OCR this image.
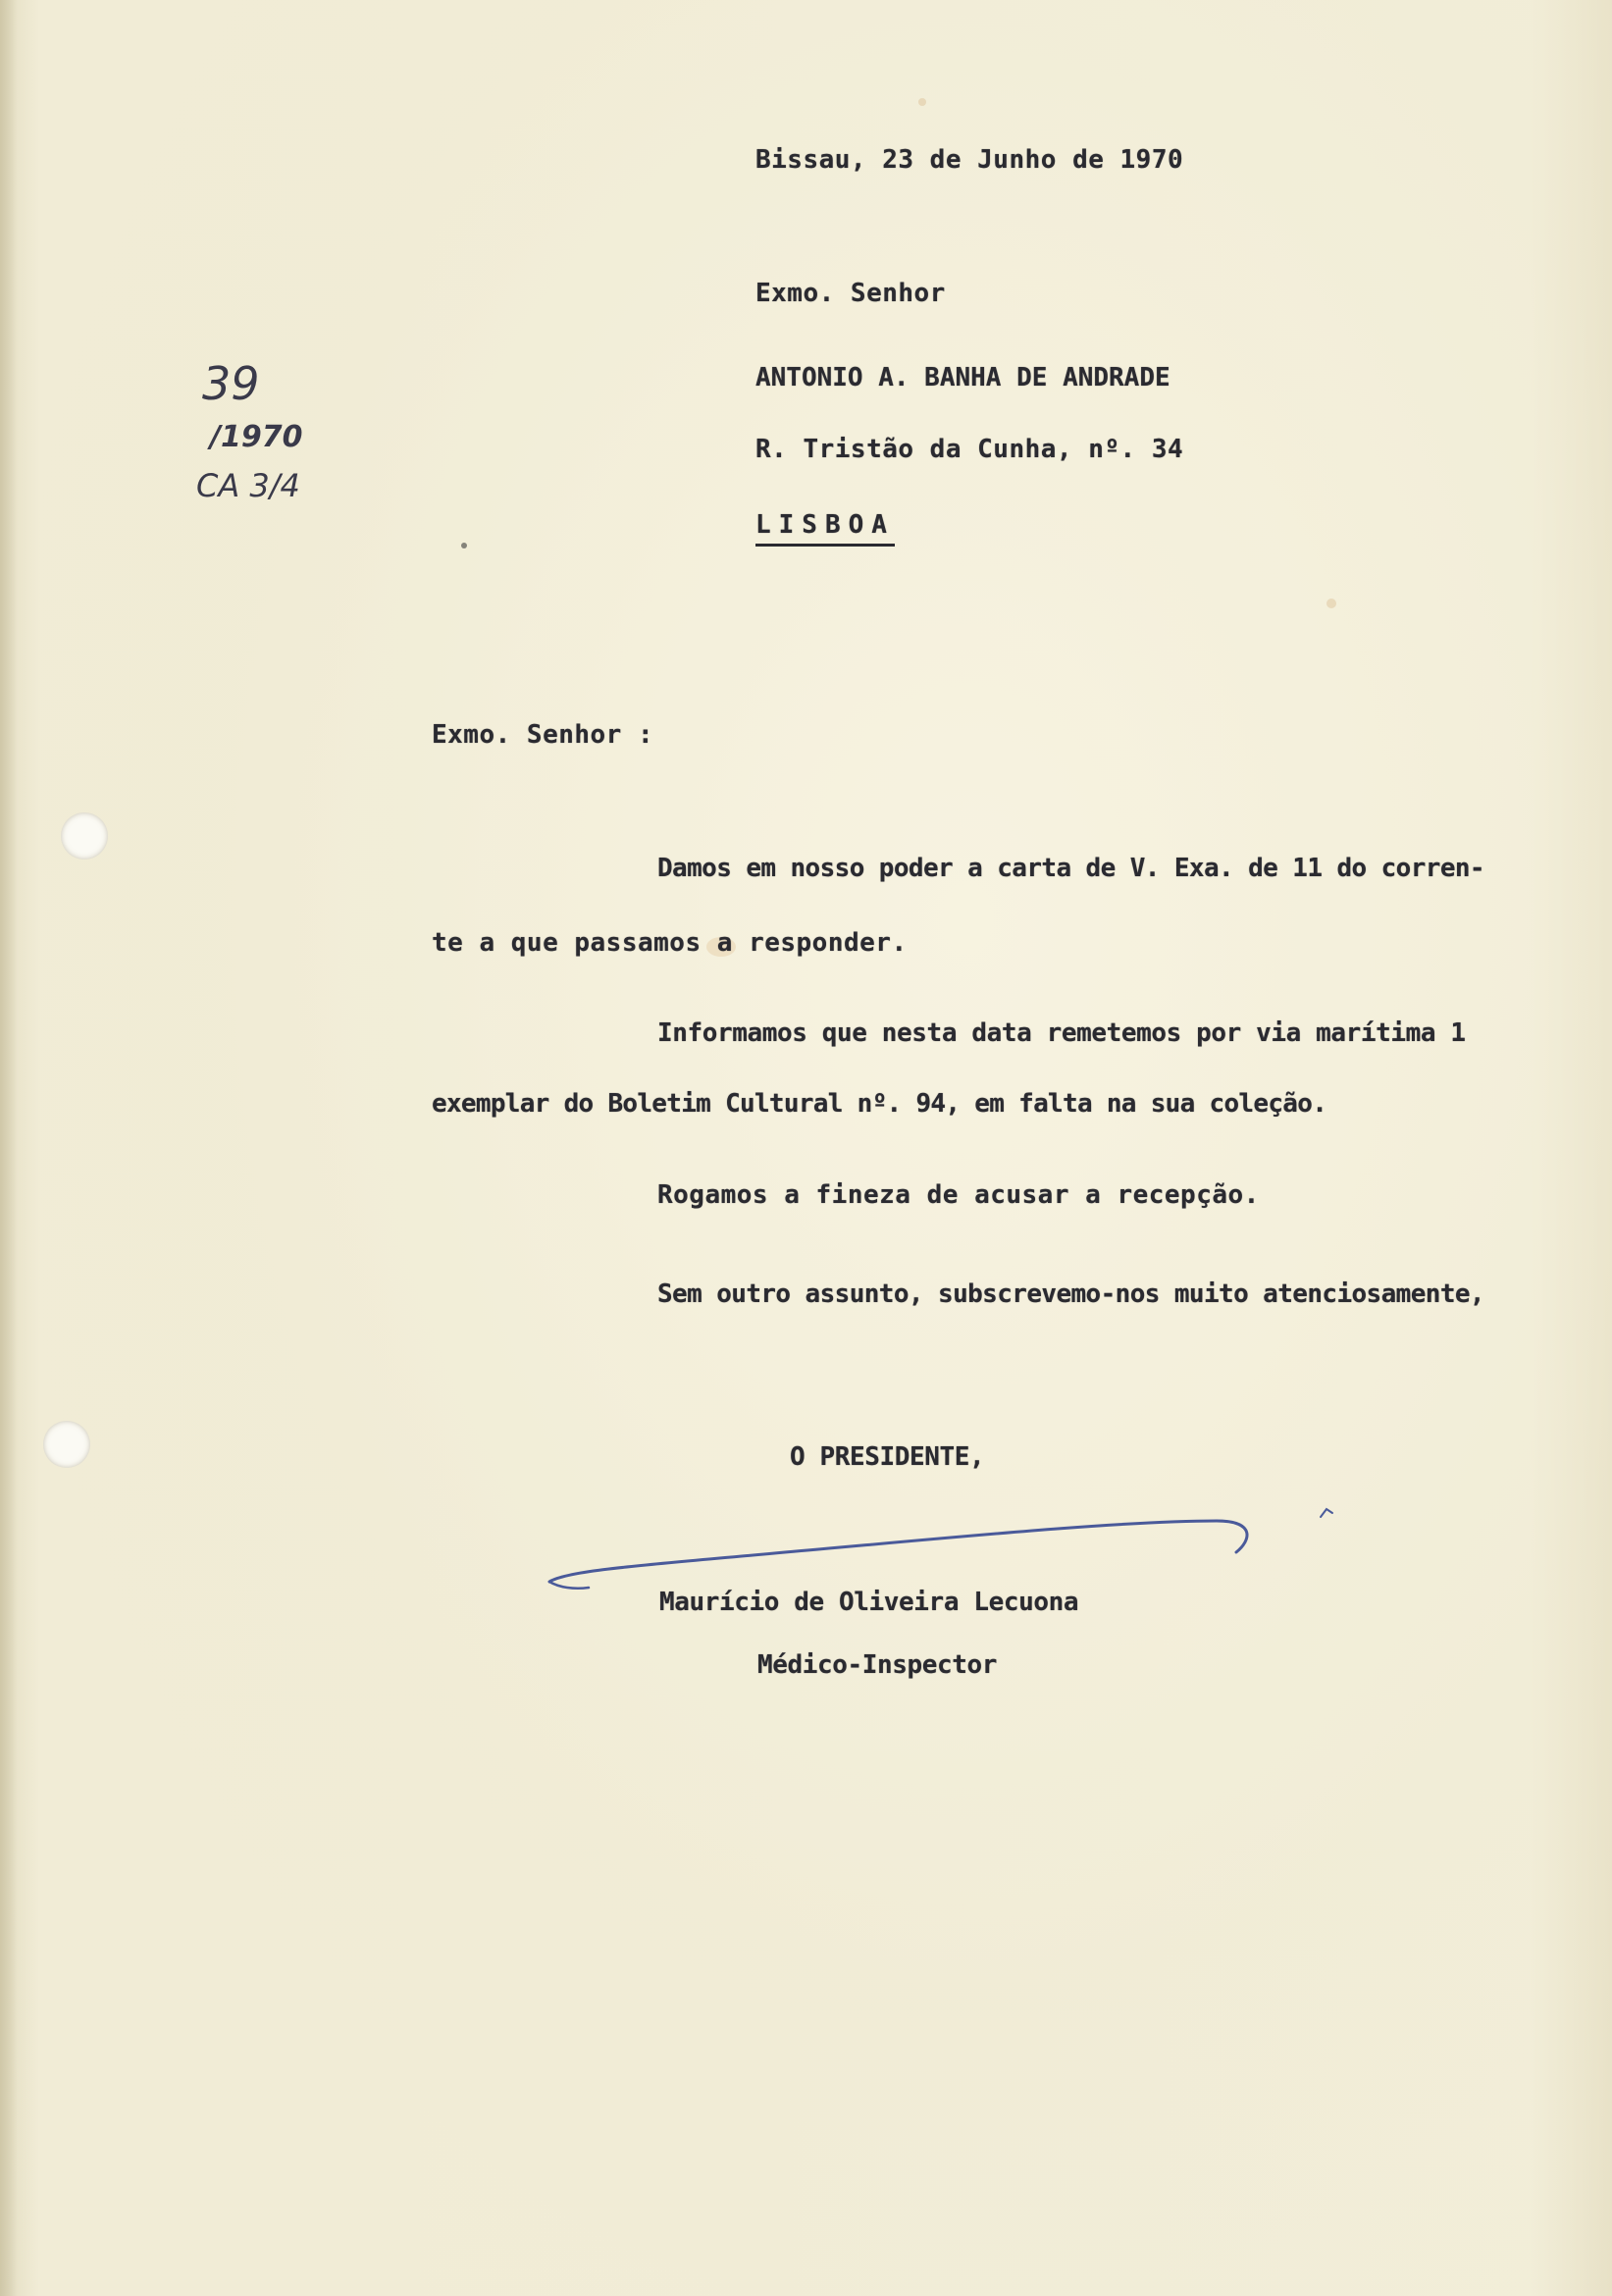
Bissau, 23 de Junho de 1970

Exmo. Senhor

ANTONIO A. BANHA DE ANDRADE

R. Tristão da Cunha, nº. 34

LISBOA

39
/1970
CA 3/4

Exmo. Senhor :

Damos em nosso poder a carta de V. Exa. de 11 do corren-

te a que passamos a responder.

Informamos que nesta data remetemos por via marítima 1

exemplar do Boletim Cultural nº. 94, em falta na sua coleção.

Rogamos a fineza de acusar a recepção.

Sem outro assunto, subscrevemo-nos muito atenciosamente,

O PRESIDENTE,

Maurício de Oliveira Lecuona

Médico-Inspector
